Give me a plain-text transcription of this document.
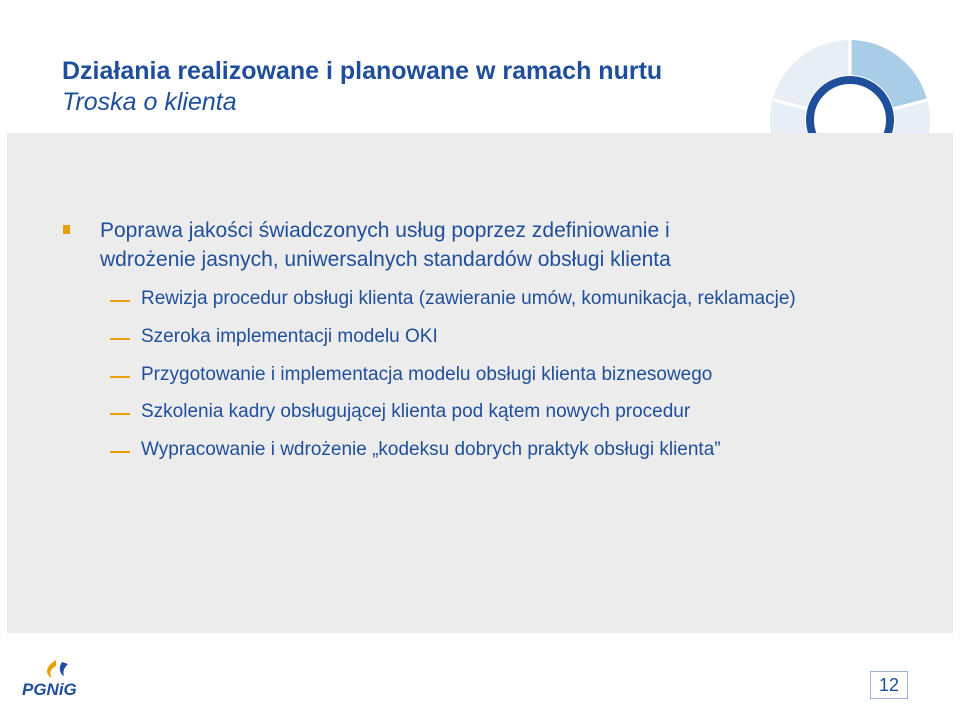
Działania realizowane i planowane w ramach nurtu
Troska o klienta
Poprawa jakości świadczonych usług poprzez zdefiniowanie i
wdrożenie jasnych, uniwersalnych standardów obsługi klienta
Rewizja procedur obsługi klienta (zawieranie umów, komunikacja, reklamacje)
Szeroka implementacji modelu OKI
Przygotowanie i implementacja modelu obsługi klienta biznesowego
Szkolenia kadry obsługującej klienta pod kątem nowych procedur
Wypracowanie i wdrożenie „kodeksu dobrych praktyk obsługi klienta”
PGNiG	12
